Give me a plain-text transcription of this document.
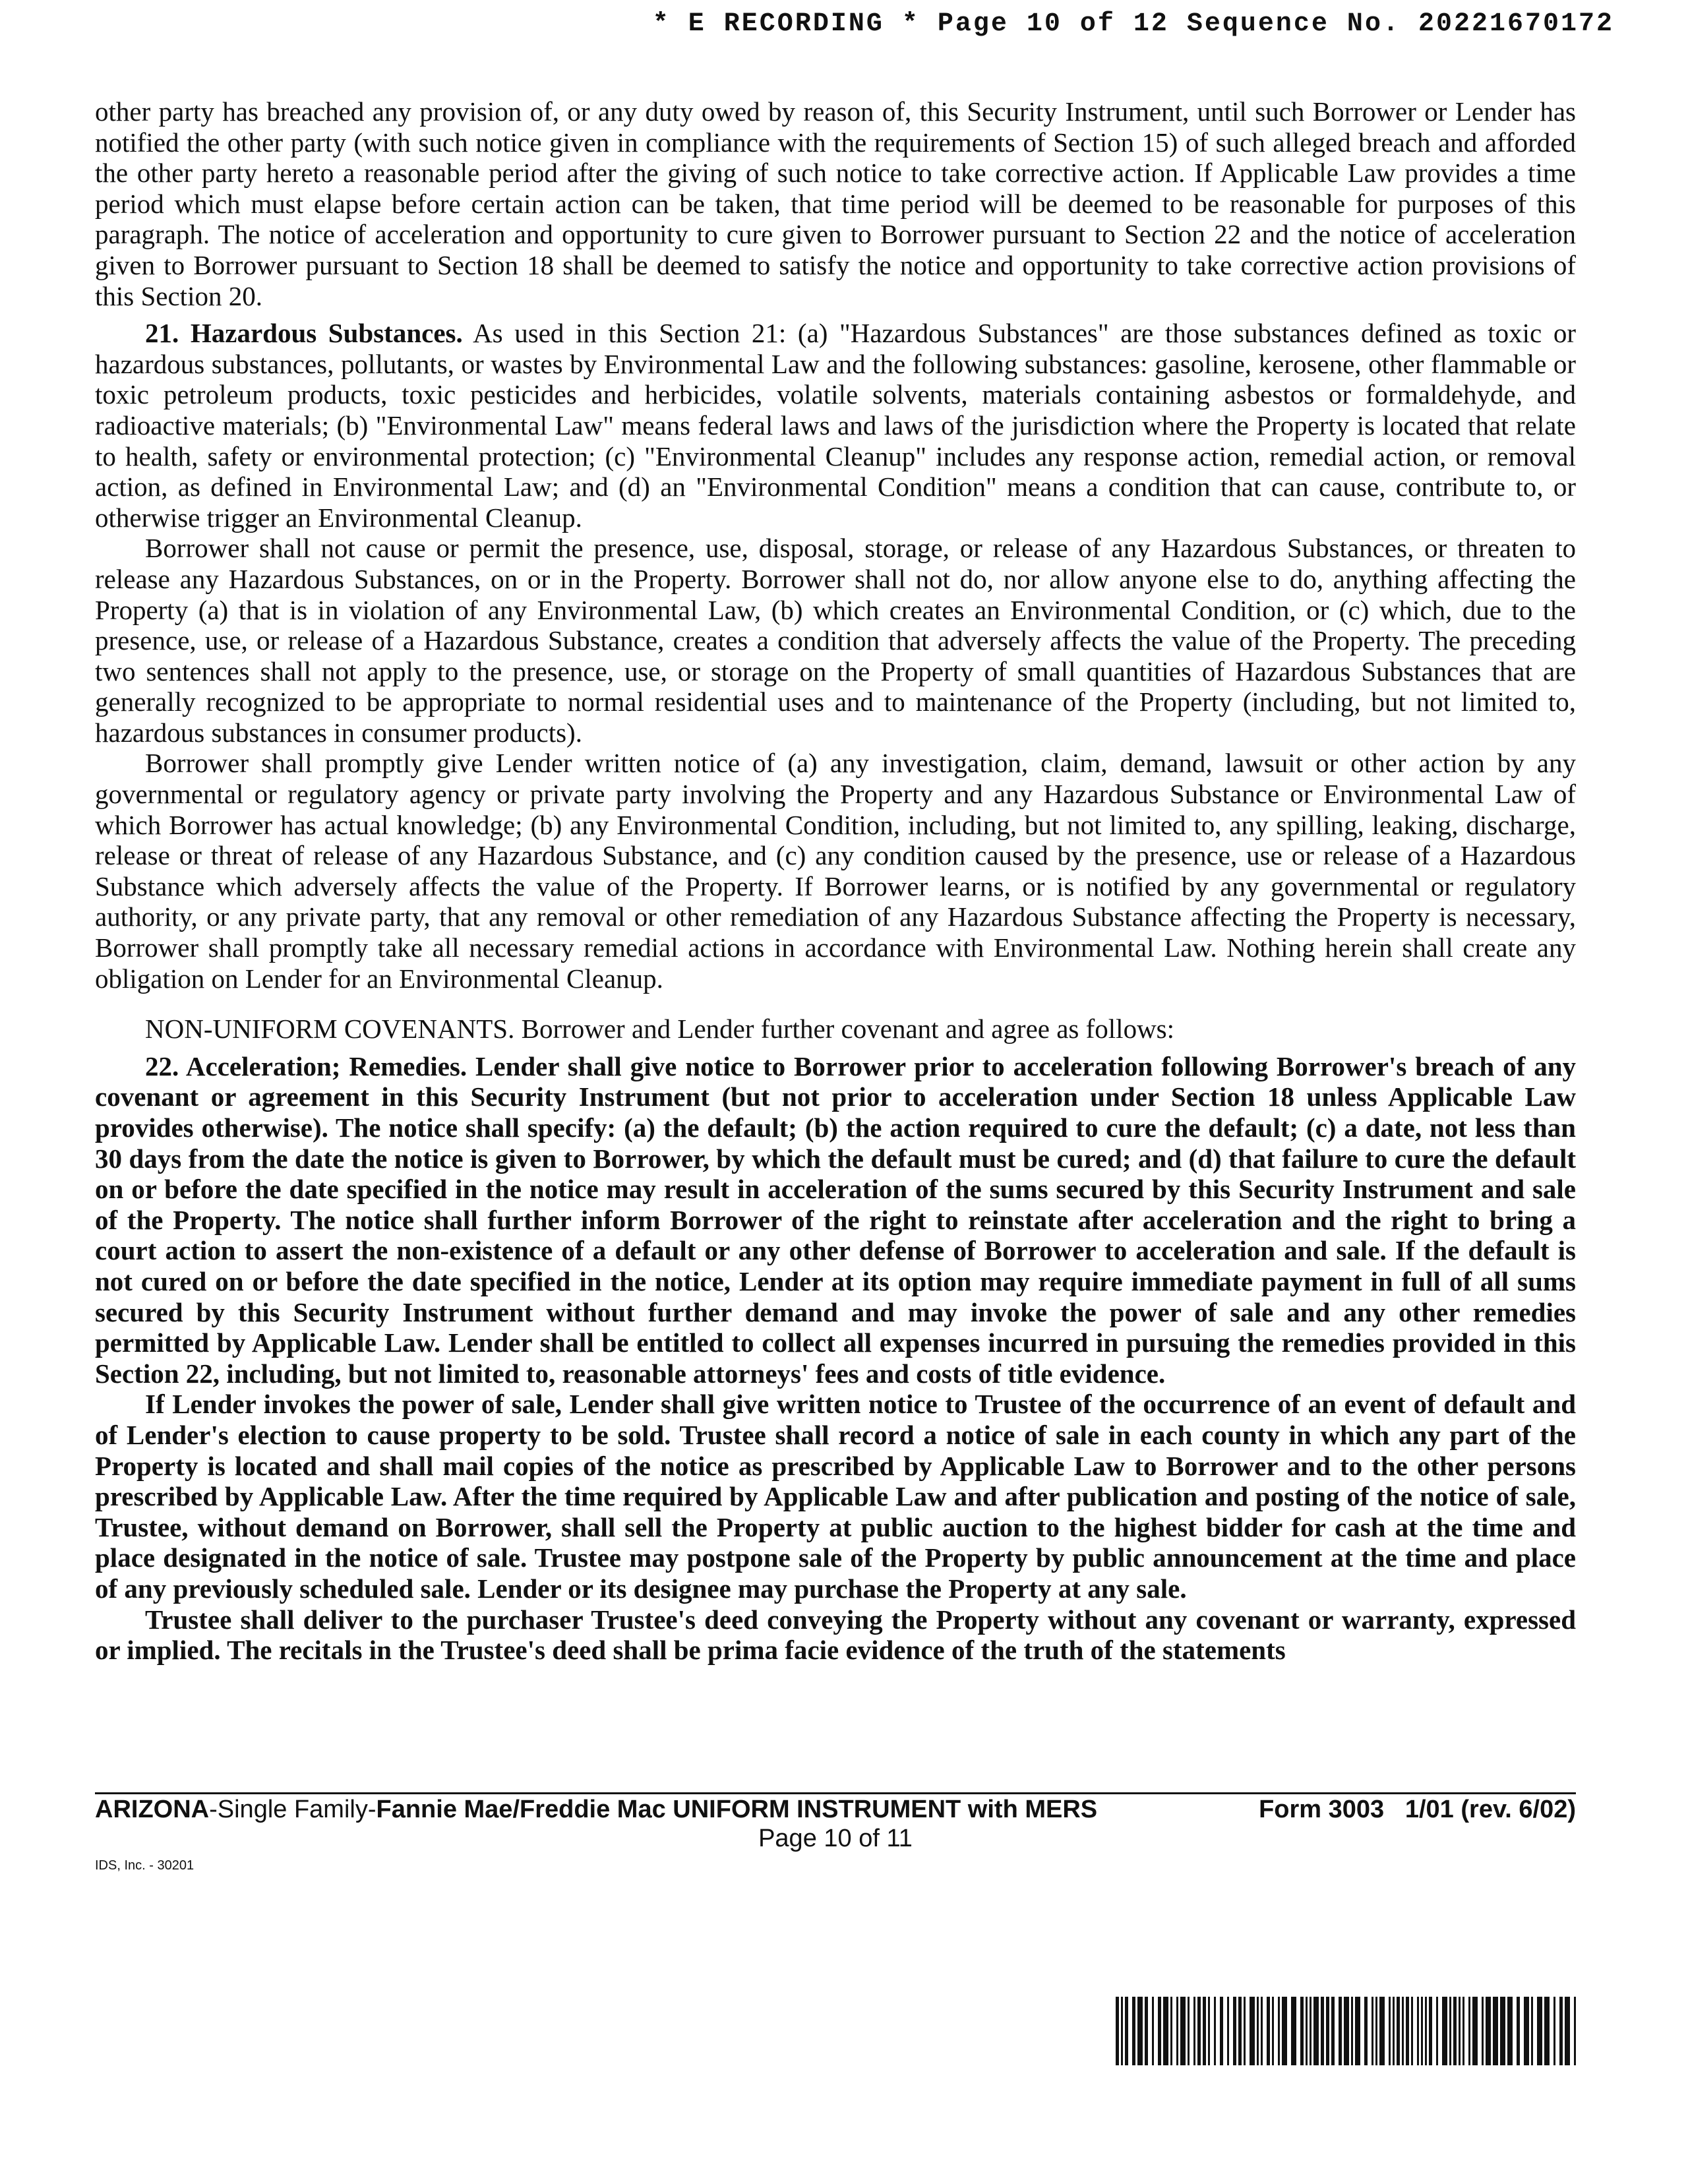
* E RECORDING * Page 10 of 12 Sequence No. 20221670172

other party has breached any provision of, or any duty owed by reason of, this Security Instrument, until such Borrower or Lender has notified the other party (with such notice given in compliance with the requirements of Section 15) of such alleged breach and afforded the other party hereto a reasonable period after the giving of such notice to take corrective action. If Applicable Law provides a time period which must elapse before certain action can be taken, that time period will be deemed to be reasonable for purposes of this paragraph. The notice of acceleration and opportunity to cure given to Borrower pursuant to Section 22 and the notice of acceleration given to Borrower pursuant to Section 18 shall be deemed to satisfy the notice and opportunity to take corrective action provisions of this Section 20.

21. Hazardous Substances. As used in this Section 21: (a) "Hazardous Substances" are those substances defined as toxic or hazardous substances, pollutants, or wastes by Environmental Law and the following substances: gasoline, kerosene, other flammable or toxic petroleum products, toxic pesticides and herbicides, volatile solvents, materials containing asbestos or formaldehyde, and radioactive materials; (b) "Environmental Law" means federal laws and laws of the jurisdiction where the Property is located that relate to health, safety or environmental protection; (c) "Environmental Cleanup" includes any response action, remedial action, or removal action, as defined in Environmental Law; and (d) an "Environmental Condition" means a condition that can cause, contribute to, or otherwise trigger an Environmental Cleanup.

Borrower shall not cause or permit the presence, use, disposal, storage, or release of any Hazardous Substances, or threaten to release any Hazardous Substances, on or in the Property. Borrower shall not do, nor allow anyone else to do, anything affecting the Property (a) that is in violation of any Environmental Law, (b) which creates an Environmental Condition, or (c) which, due to the presence, use, or release of a Hazardous Substance, creates a condition that adversely affects the value of the Property. The preceding two sentences shall not apply to the presence, use, or storage on the Property of small quantities of Hazardous Substances that are generally recognized to be appropriate to normal residential uses and to maintenance of the Property (including, but not limited to, hazardous substances in consumer products).

Borrower shall promptly give Lender written notice of (a) any investigation, claim, demand, lawsuit or other action by any governmental or regulatory agency or private party involving the Property and any Hazardous Substance or Environmental Law of which Borrower has actual knowledge; (b) any Environmental Condition, including, but not limited to, any spilling, leaking, discharge, release or threat of release of any Hazardous Substance, and (c) any condition caused by the presence, use or release of a Hazardous Substance which adversely affects the value of the Property. If Borrower learns, or is notified by any governmental or regulatory authority, or any private party, that any removal or other remediation of any Hazardous Substance affecting the Property is necessary, Borrower shall promptly take all necessary remedial actions in accordance with Environmental Law. Nothing herein shall create any obligation on Lender for an Environmental Cleanup.

NON-UNIFORM COVENANTS. Borrower and Lender further covenant and agree as follows:

22. Acceleration; Remedies. Lender shall give notice to Borrower prior to acceleration following Borrower's breach of any covenant or agreement in this Security Instrument (but not prior to acceleration under Section 18 unless Applicable Law provides otherwise). The notice shall specify: (a) the default; (b) the action required to cure the default; (c) a date, not less than 30 days from the date the notice is given to Borrower, by which the default must be cured; and (d) that failure to cure the default on or before the date specified in the notice may result in acceleration of the sums secured by this Security Instrument and sale of the Property. The notice shall further inform Borrower of the right to reinstate after acceleration and the right to bring a court action to assert the non-existence of a default or any other defense of Borrower to acceleration and sale. If the default is not cured on or before the date specified in the notice, Lender at its option may require immediate payment in full of all sums secured by this Security Instrument without further demand and may invoke the power of sale and any other remedies permitted by Applicable Law. Lender shall be entitled to collect all expenses incurred in pursuing the remedies provided in this Section 22, including, but not limited to, reasonable attorneys' fees and costs of title evidence.

If Lender invokes the power of sale, Lender shall give written notice to Trustee of the occurrence of an event of default and of Lender's election to cause property to be sold. Trustee shall record a notice of sale in each county in which any part of the Property is located and shall mail copies of the notice as prescribed by Applicable Law to Borrower and to the other persons prescribed by Applicable Law. After the time required by Applicable Law and after publication and posting of the notice of sale, Trustee, without demand on Borrower, shall sell the Property at public auction to the highest bidder for cash at the time and place designated in the notice of sale. Trustee may postpone sale of the Property by public announcement at the time and place of any previously scheduled sale. Lender or its designee may purchase the Property at any sale.

Trustee shall deliver to the purchaser Trustee's deed conveying the Property without any covenant or warranty, expressed or implied. The recitals in the Trustee's deed shall be prima facie evidence of the truth of the statements

ARIZONA-Single Family-Fannie Mae/Freddie Mac UNIFORM INSTRUMENT with MERS	Form 3003   1/01 (rev. 6/02)
Page 10 of 11
IDS, Inc. - 30201
